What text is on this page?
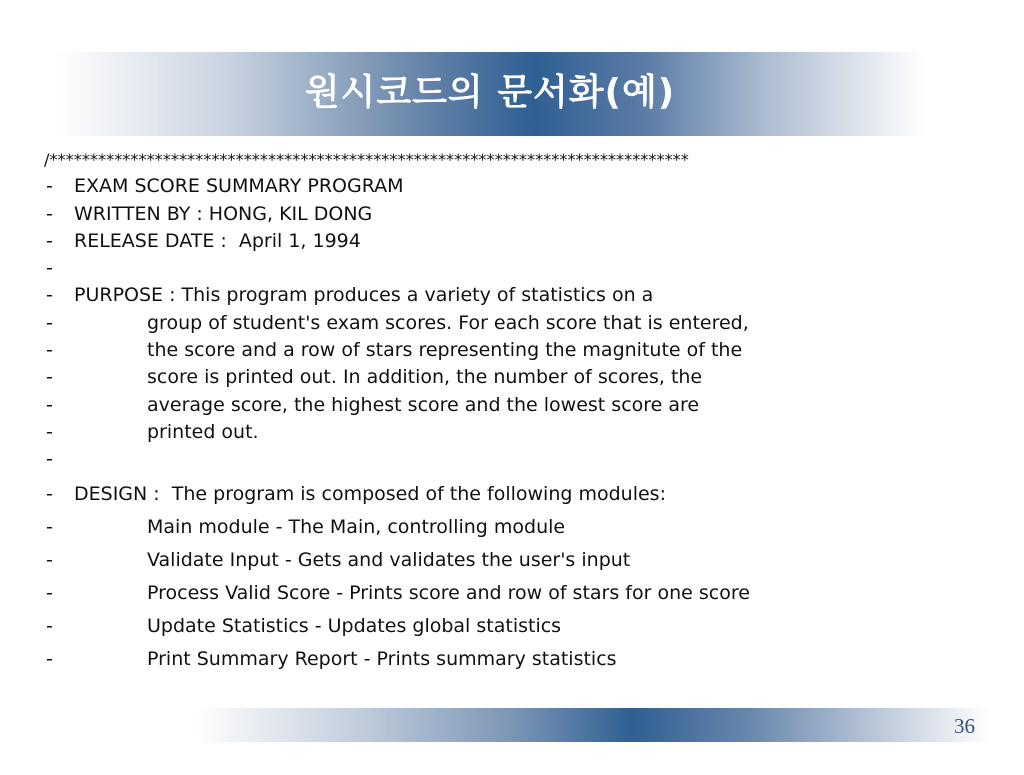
원시코드의 문서화(예)
/*******************************************************************************

-

EXAM SCORE SUMMARY PROGRAM

-

WRITTEN BY : HONG, KIL DONG

-

RELEASE DATE :  April 1, 1994

-

-

PURPOSE : This program produces a variety of statistics on a

-

	group of student's exam scores. For each score that is entered,

-

	the score and a row of stars representing the magnitute of the

-

	score is printed out. In addition, the number of scores, the

-

	average score, the highest score and the lowest score are

-

	printed out.

-

-

DESIGN :  The program is composed of the following modules:

-

	Main module - The Main, controlling module

-

	Validate Input - Gets and validates the user's input

-

	Process Valid Score - Prints score and row of stars for one score

-

	Update Statistics - Updates global statistics

-

	Print Summary Report - Prints summary statistics

36
